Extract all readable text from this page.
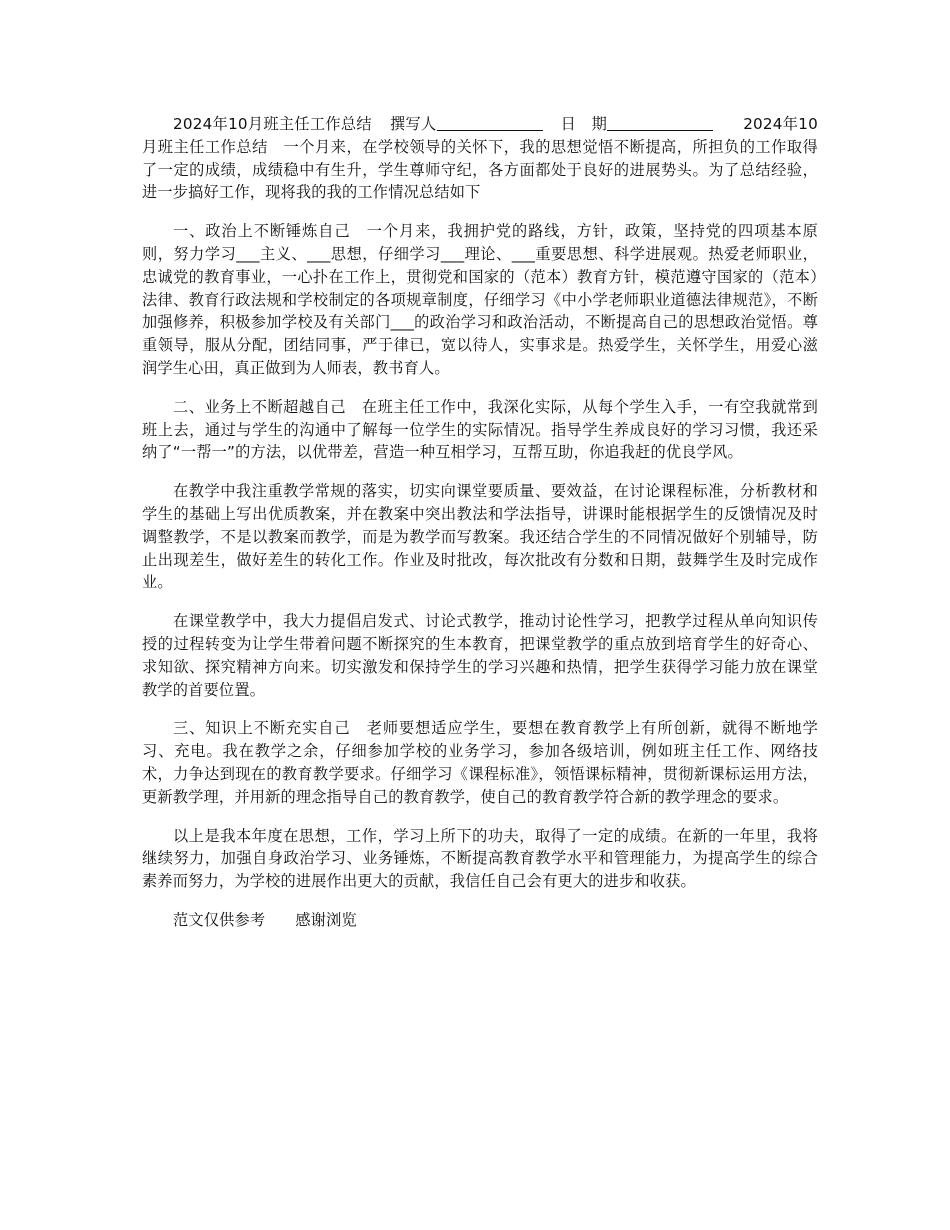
2024年10月班主任工作总结 撰写人	日　期	2024年10月班主任工作总结　一个月来，在学校领导的关怀下，我的思想觉悟不断提高，所担负的工作取得了一定的成绩，成绩稳中有生升，学生尊师守纪，各方面都处于良好的进展势头。为了总结经验，进一步搞好工作，现将我的我的工作情况总结如下

一、政治上不断锤炼自己　一个月来，我拥护党的路线，方针，政策，坚持党的四项基本原则，努力学习___主义、___思想，仔细学习___理论、___重要思想、科学进展观。热爱老师职业，忠诚党的教育事业，一心扑在工作上，贯彻党和国家的（范本）教育方针，模范遵守国家的（范本）法律、教育行政法规和学校制定的各项规章制度，仔细学习《中小学老师职业道德法律规范》，不断加强修养，积极参加学校及有关部门___的政治学习和政治活动，不断提高自己的思想政治觉悟。尊重领导，服从分配，团结同事，严于律已，宽以待人，实事求是。热爱学生，关怀学生，用爱心滋润学生心田，真正做到为人师表，教书育人。

二、业务上不断超越自己　在班主任工作中，我深化实际，从每个学生入手，一有空我就常到班上去，通过与学生的沟通中了解每一位学生的实际情况。指导学生养成良好的学习习惯，我还采纳了“一帮一”的方法，以优带差，营造一种互相学习，互帮互助，你追我赶的优良学风。

在教学中我注重教学常规的落实，切实向课堂要质量、要效益，在讨论课程标准，分析教材和学生的基础上写出优质教案，并在教案中突出教法和学法指导，讲课时能根据学生的反馈情况及时调整教学，不是以教案而教学，而是为教学而写教案。我还结合学生的不同情况做好个别辅导，防止出现差生，做好差生的转化工作。作业及时批改，每次批改有分数和日期，鼓舞学生及时完成作业。

在课堂教学中，我大力提倡启发式、讨论式教学，推动讨论性学习，把教学过程从单向知识传授的过程转变为让学生带着问题不断探究的生本教育，把课堂教学的重点放到培育学生的好奇心、求知欲、探究精神方向来。切实激发和保持学生的学习兴趣和热情，把学生获得学习能力放在课堂教学的首要位置。

三、知识上不断充实自己　老师要想适应学生，要想在教育教学上有所创新，就得不断地学习、充电。我在教学之余，仔细参加学校的业务学习，参加各级培训，例如班主任工作、网络技术，力争达到现在的教育教学要求。仔细学习《课程标准》，领悟课标精神，贯彻新课标运用方法，更新教学理，并用新的理念指导自己的教育教学，使自己的教育教学符合新的教学理念的要求。

以上是我本年度在思想，工作，学习上所下的功夫，取得了一定的成绩。在新的一年里，我将继续努力，加强自身政治学习、业务锤炼，不断提高教育教学水平和管理能力，为提高学生的综合素养而努力，为学校的进展作出更大的贡献，我信任自己会有更大的进步和收获。

范文仅供参考 感谢浏览
